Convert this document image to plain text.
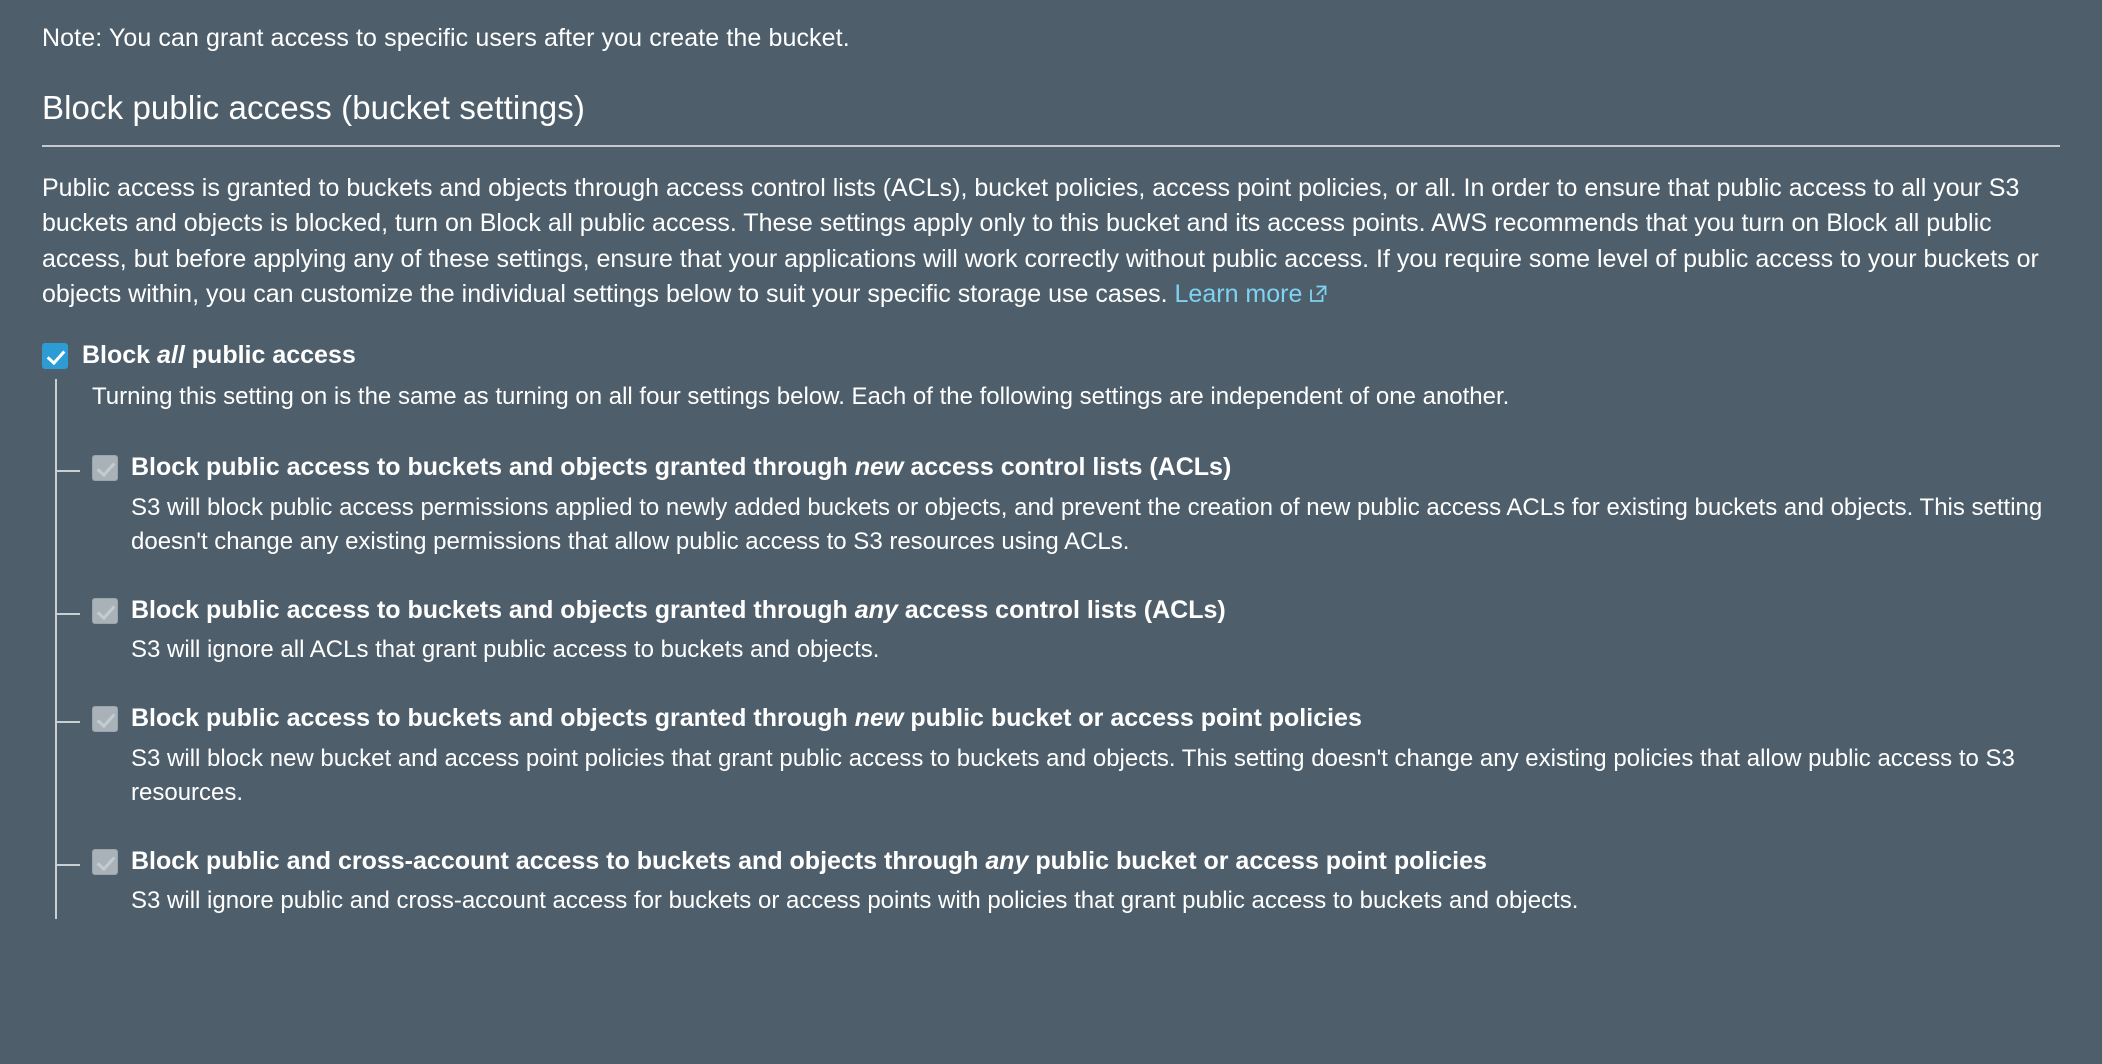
Note: You can grant access to specific users after you create the bucket.

Block public access (bucket settings)

Public access is granted to buckets and objects through access control lists (ACLs), bucket policies, access point policies, or all. In order to ensure that public access to all your S3 buckets and objects is blocked, turn on Block all public access. These settings apply only to this bucket and its access points. AWS recommends that you turn on Block all public access, but before applying any of these settings, ensure that your applications will work correctly without public access. If you require some level of public access to your buckets or objects within, you can customize the individual settings below to suit your specific storage use cases. Learn more

Block all public access

Turning this setting on is the same as turning on all four settings below. Each of the following settings are independent of one another.

Block public access to buckets and objects granted through new access control lists (ACLs)

S3 will block public access permissions applied to newly added buckets or objects, and prevent the creation of new public access ACLs for existing buckets and objects. This setting doesn't change any existing permissions that allow public access to S3 resources using ACLs.

Block public access to buckets and objects granted through any access control lists (ACLs)

S3 will ignore all ACLs that grant public access to buckets and objects.

Block public access to buckets and objects granted through new public bucket or access point policies

S3 will block new bucket and access point policies that grant public access to buckets and objects. This setting doesn't change any existing policies that allow public access to S3 resources.

Block public and cross-account access to buckets and objects through any public bucket or access point policies

S3 will ignore public and cross-account access for buckets or access points with policies that grant public access to buckets and objects.
